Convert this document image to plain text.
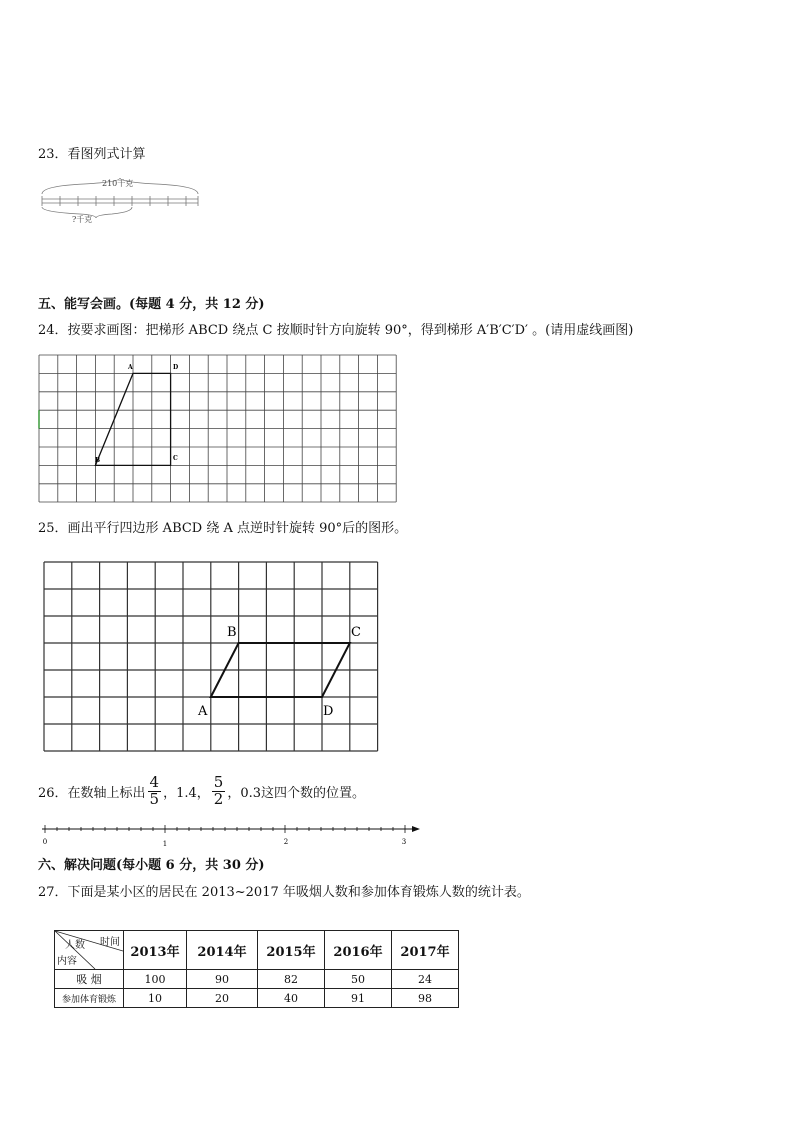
23．看图列式计算
210千克
?千克
五、能写会画。(每题 4 分，共 12 分)
24．按要求画图：把梯形 ABCD 绕点 C 按顺时针方向旋转 90°，得到梯形 A′B′C′D′ 。(请用虚线画图)
A	D
B	C
25．画出平行四边形 ABCD 绕 A 点逆时针旋转 90°后的图形。
A
B	C
D
26．在数轴上标出 $\frac{4}{5}$ ，1.4， $\frac{5}{2}$ ，0.3这四个数的位置。
0	1	2	3
六、解决问题(每小题 6 分，共 30 分)
27．下面是某小区的居民在 2013~2017 年吸烟人数和参加体育锻炼人数的统计表。
时间
人数
内容	2013年	2014年	2015年	2016年	2017年
吸 烟	100	90	82	50	24
参加体育锻炼	10	20	40	91	98
